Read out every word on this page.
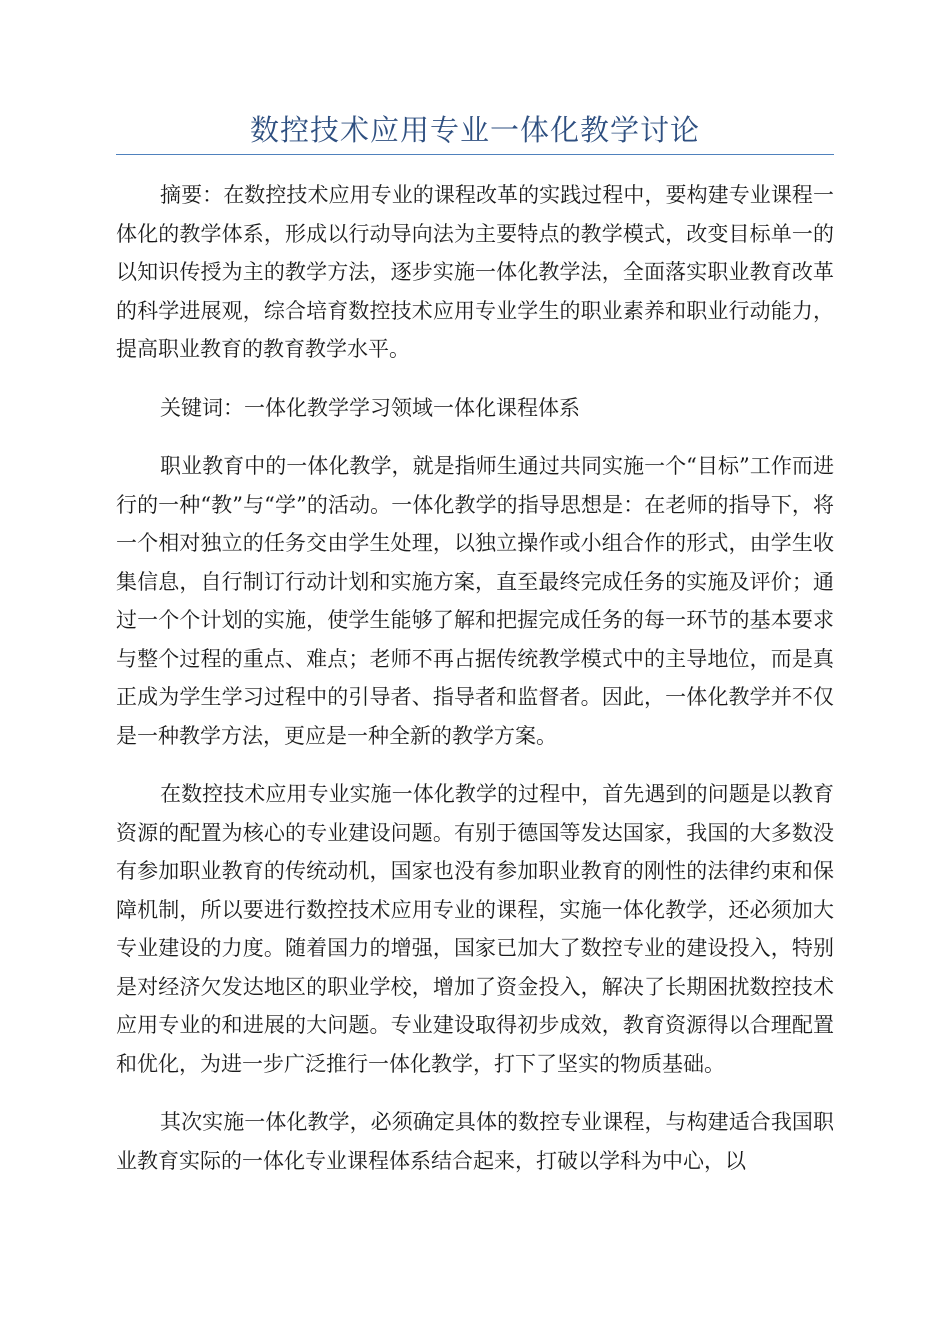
数控技术应用专业一体化教学讨论

摘要：在数控技术应用专业的课程改革的实践过程中，要构建专业课程一体化的教学体系，形成以行动导向法为主要特点的教学模式，改变目标单一的以知识传授为主的教学方法，逐步实施一体化教学法，全面落实职业教育改革的科学进展观，综合培育数控技术应用专业学生的职业素养和职业行动能力，提高职业教育的教育教学水平。

关键词：一体化教学学习领域一体化课程体系

职业教育中的一体化教学，就是指师生通过共同实施一个“目标”工作而进行的一种“教”与“学”的活动。一体化教学的指导思想是：在老师的指导下，将一个相对独立的任务交由学生处理，以独立操作或小组合作的形式，由学生收集信息，自行制订行动计划和实施方案，直至最终完成任务的实施及评价；通过一个个计划的实施，使学生能够了解和把握完成任务的每一环节的基本要求与整个过程的重点、难点；老师不再占据传统教学模式中的主导地位，而是真正成为学生学习过程中的引导者、指导者和监督者。因此，一体化教学并不仅是一种教学方法，更应是一种全新的教学方案。

在数控技术应用专业实施一体化教学的过程中，首先遇到的问题是以教育资源的配置为核心的专业建设问题。有别于德国等发达国家，我国的大多数没有参加职业教育的传统动机，国家也没有参加职业教育的刚性的法律约束和保障机制，所以要进行数控技术应用专业的课程，实施一体化教学，还必须加大专业建设的力度。随着国力的增强，国家已加大了数控专业的建设投入，特别是对经济欠发达地区的职业学校，增加了资金投入，解决了长期困扰数控技术应用专业的和进展的大问题。专业建设取得初步成效，教育资源得以合理配置和优化，为进一步广泛推行一体化教学，打下了坚实的物质基础。

其次实施一体化教学，必须确定具体的数控专业课程，与构建适合我国职业教育实际的一体化专业课程体系结合起来，打破以学科为中心，以
